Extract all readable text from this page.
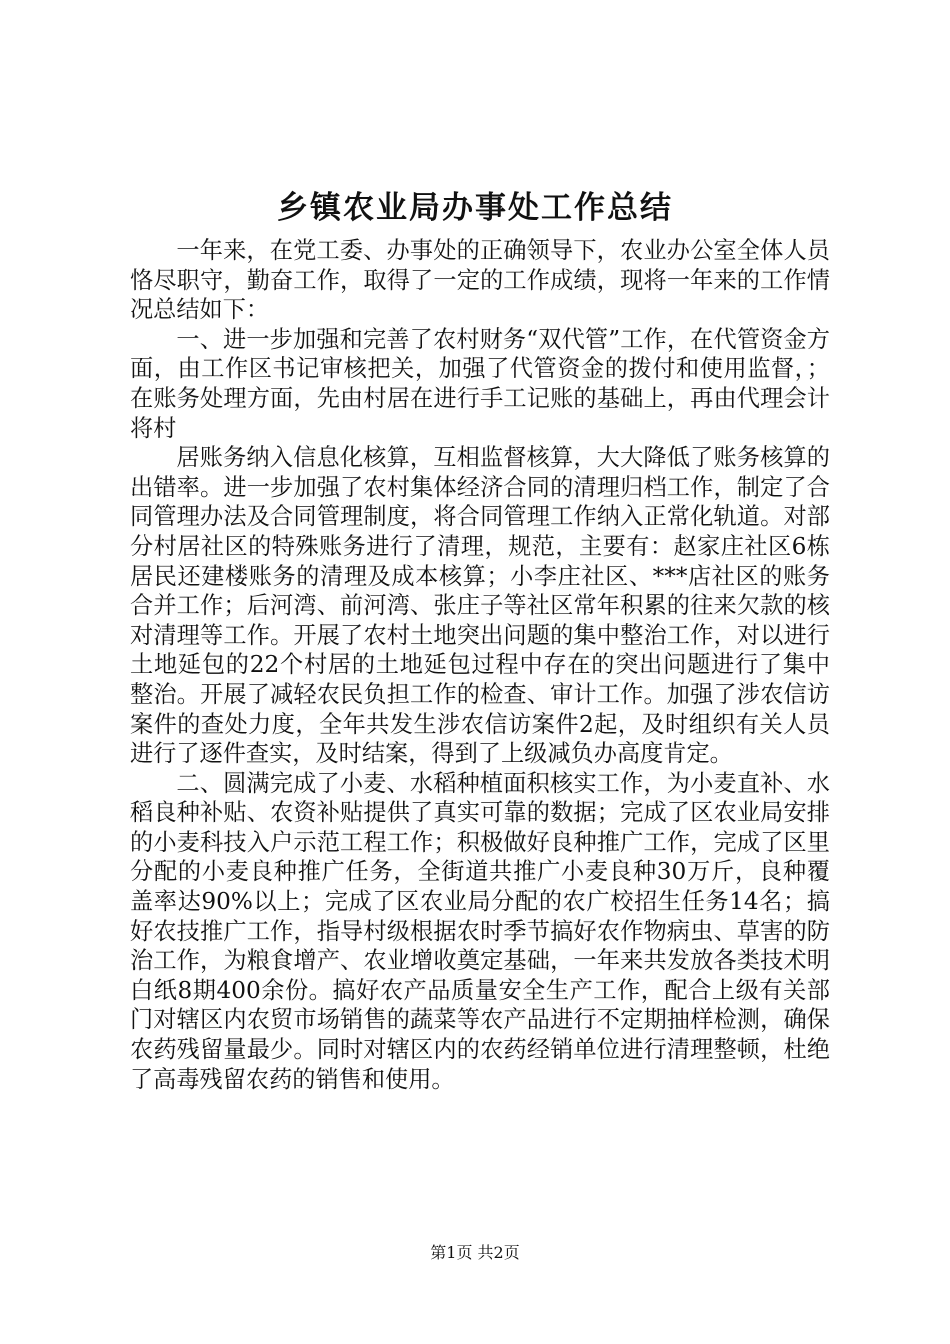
乡镇农业局办事处工作总结

一年来，在党工委、办事处的正确领导下，农业办公室全体人员恪尽职守，勤奋工作，取得了一定的工作成绩，现将一年来的工作情况总结如下：

一、进一步加强和完善了农村财务“双代管”工作，在代管资金方面，由工作区书记审核把关，加强了代管资金的拨付和使用监督，；在账务处理方面，先由村居在进行手工记账的基础上，再由代理会计将村

居账务纳入信息化核算，互相监督核算，大大降低了账务核算的出错率。进一步加强了农村集体经济合同的清理归档工作，制定了合同管理办法及合同管理制度，将合同管理工作纳入正常化轨道。对部分村居社区的特殊账务进行了清理，规范，主要有：赵家庄社区6栋居民还建楼账务的清理及成本核算；小李庄社区、***店社区的账务合并工作；后河湾、前河湾、张庄子等社区常年积累的往来欠款的核对清理等工作。开展了农村土地突出问题的集中整治工作，对以进行土地延包的22个村居的土地延包过程中存在的突出问题进行了集中整治。开展了减轻农民负担工作的检查、审计工作。加强了涉农信访案件的查处力度，全年共发生涉农信访案件2起，及时组织有关人员进行了逐件查实，及时结案，得到了上级减负办高度肯定。

二、圆满完成了小麦、水稻种植面积核实工作，为小麦直补、水稻良种补贴、农资补贴提供了真实可靠的数据；完成了区农业局安排的小麦科技入户示范工程工作；积极做好良种推广工作，完成了区里分配的小麦良种推广任务，全街道共推广小麦良种30万斤，良种覆盖率达90%以上；完成了区农业局分配的农广校招生任务14名；搞好农技推广工作，指导村级根据农时季节搞好农作物病虫、草害的防治工作，为粮食增产、农业增收奠定基础，一年来共发放各类技术明白纸8期400余份。搞好农产品质量安全生产工作，配合上级有关部门对辖区内农贸市场销售的蔬菜等农产品进行不定期抽样检测，确保农药残留量最少。同时对辖区内的农药经销单位进行清理整顿，杜绝了高毒残留农药的销售和使用。

第1页 共2页
